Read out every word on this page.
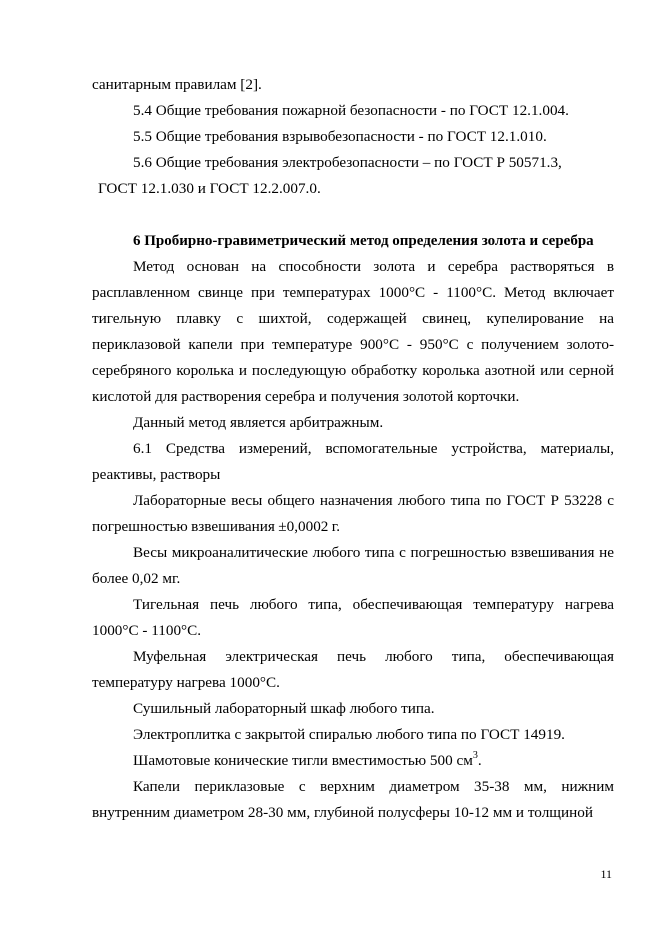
санитарным правилам [2].

5.4 Общие требования пожарной безопасности - по ГОСТ 12.1.004.

5.5 Общие требования взрывобезопасности - по ГОСТ 12.1.010.

5.6 Общие требования электробезопасности – по ГОСТ Р 50571.3,

ГОСТ 12.1.030 и ГОСТ 12.2.007.0.

6 Пробирно-гравиметрический метод определения золота и серебра

Метод основан на способности золота и серебра растворяться в расплавленном свинце при температурах 1000°С - 1100°С. Метод включает тигельную плавку с шихтой, содержащей свинец, купелирование на периклазовой капели при температуре 900°С - 950°С с получением золото-серебряного королька и последующую обработку королька азотной или серной кислотой для растворения серебра и получения золотой корточки.

Данный метод является арбитражным.

6.1 Средства измерений, вспомогательные устройства, материалы, реактивы, растворы

Лабораторные весы общего назначения любого типа по ГОСТ Р 53228 с погрешностью взвешивания ±0,0002 г.

Весы микроаналитические любого типа с погрешностью взвешивания не более 0,02 мг.

Тигельная печь любого типа, обеспечивающая температуру нагрева 1000°С - 1100°С.

Муфельная электрическая печь любого типа, обеспечивающая температуру нагрева 1000°С.

Сушильный лабораторный шкаф любого типа.

Электроплитка с закрытой спиралью любого типа по ГОСТ 14919.

Шамотовые конические тигли вместимостью 500 $см^3$.

Капели периклазовые с верхним диаметром 35-38 мм, нижним внутренним диаметром 28-30 мм, глубиной полусферы 10-12 мм и толщиной

11
